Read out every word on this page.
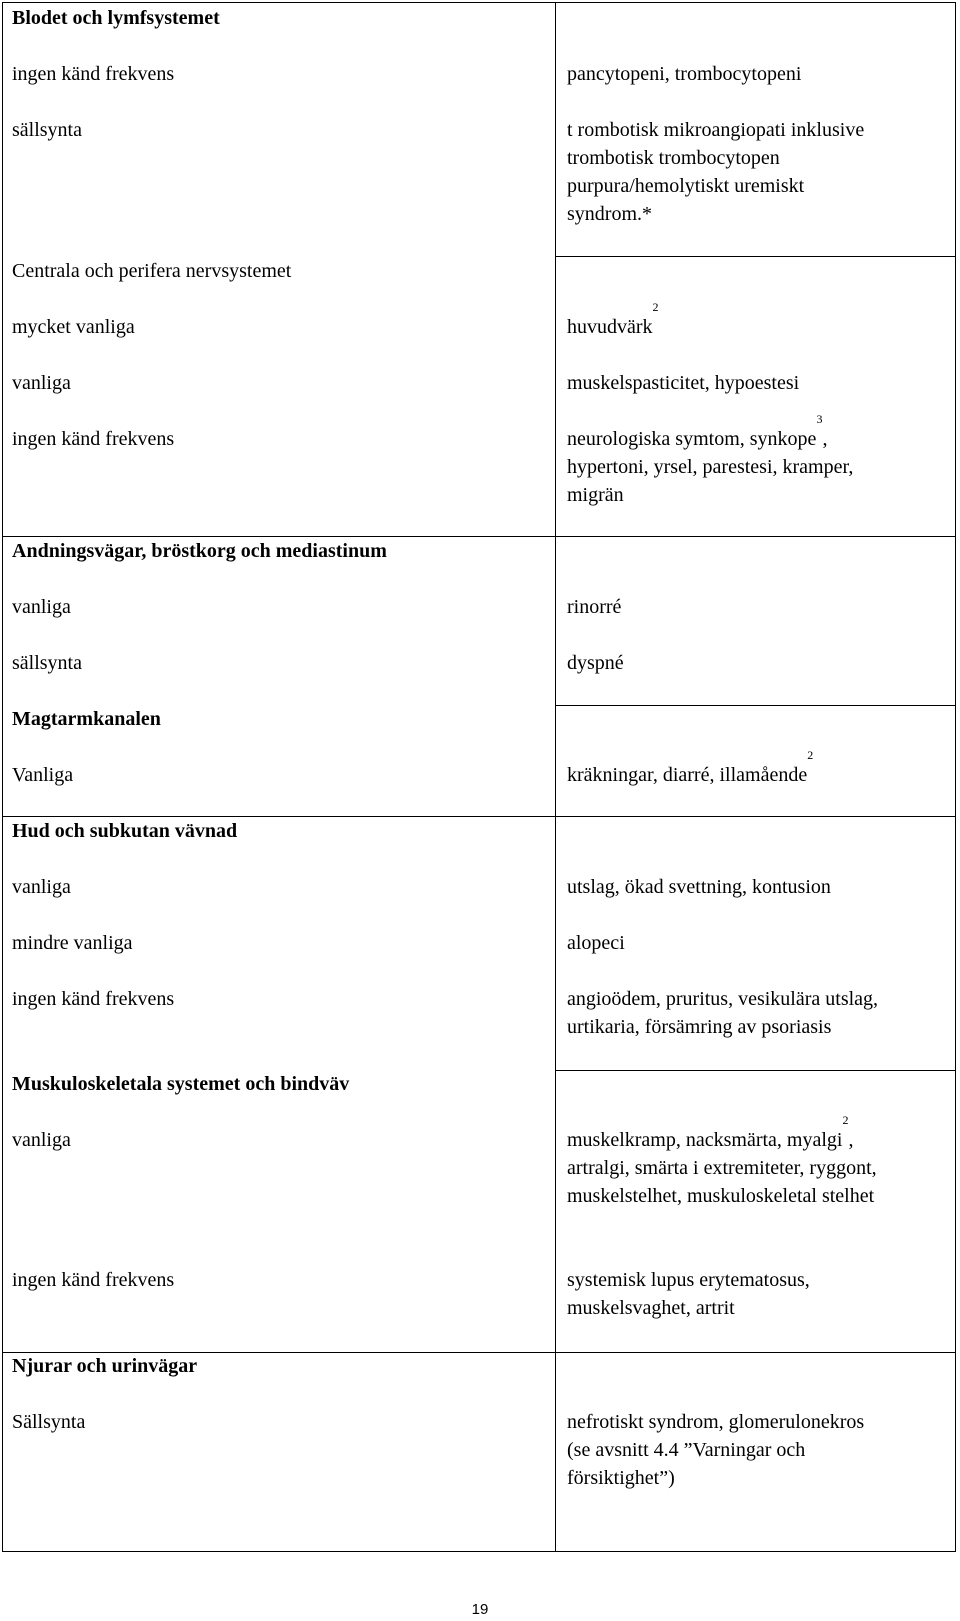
Blodet och lymfsystemet
ingen känd frekvens	pancytopeni, trombocytopeni
sällsynta	t rombotisk mikroangiopati inklusive
trombotisk trombocytopen
purpura/hemolytiskt uremiskt
syndrom.*
Centrala och perifera nervsystemet
mycket vanliga	huvudvärk$^2$
vanliga	muskelspasticitet, hypoestesi
ingen känd frekvens	neurologiska symtom, synkope$^3$,
hypertoni, yrsel, parestesi, kramper,
migrän
Andningsvägar, bröstkorg och mediastinum
vanliga	rinorré
sällsynta	dyspné
Magtarmkanalen
Vanliga	kräkningar, diarré, illamående$^2$
Hud och subkutan vävnad
vanliga	utslag, ökad svettning, kontusion
mindre vanliga	alopeci
ingen känd frekvens	angioödem, pruritus, vesikulära utslag,
urtikaria, försämring av psoriasis
Muskuloskeletala systemet och bindväv
vanliga	muskelkramp, nacksmärta, myalgi$^2$,
artralgi, smärta i extremiteter, ryggont,
muskelstelhet, muskuloskeletal stelhet
ingen känd frekvens	systemisk lupus erytematosus,
muskelsvaghet, artrit
Njurar och urinvägar
Sällsynta	nefrotiskt syndrom, glomerulonekros
(se avsnitt 4.4 ”Varningar och
försiktighet”)
19
